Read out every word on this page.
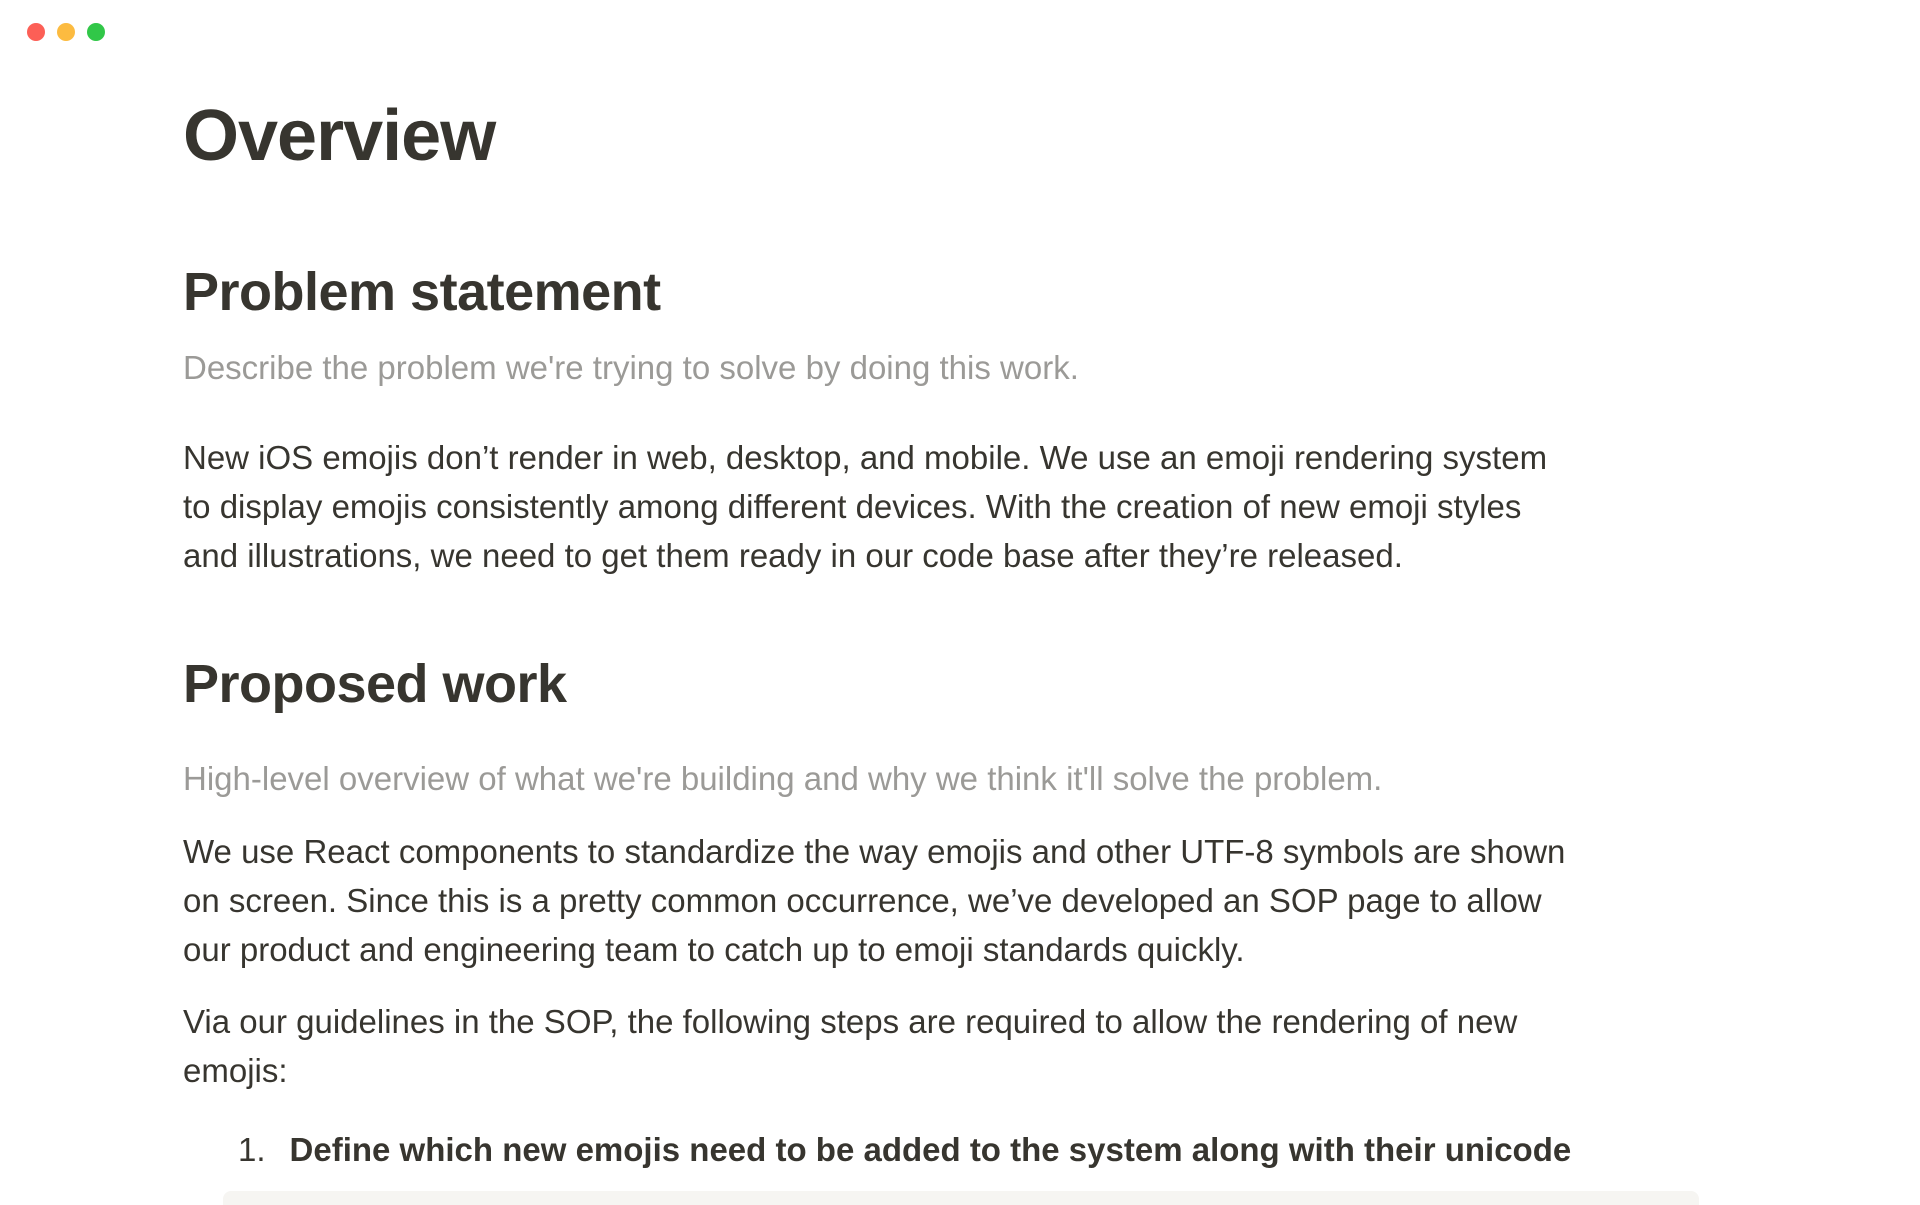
Overview
Problem statement

Describe the problem we're trying to solve by doing this work.

New iOS emojis don’t render in web, desktop, and mobile. We use an emoji rendering system
to display emojis consistently among different devices. With the creation of new emoji styles
and illustrations, we need to get them ready in our code base after they’re released.
Proposed work

High-level overview of what we're building and why we think it'll solve the problem.

We use React components to standardize the way emojis and other UTF-8 symbols are shown
on screen. Since this is a pretty common occurrence, we’ve developed an SOP page to allow
our product and engineering team to catch up to emoji standards quickly.
Via our guidelines in the SOP, the following steps are required to allow the rendering of new
emojis:
1. Define which new emojis need to be added to the system along with their unicode
